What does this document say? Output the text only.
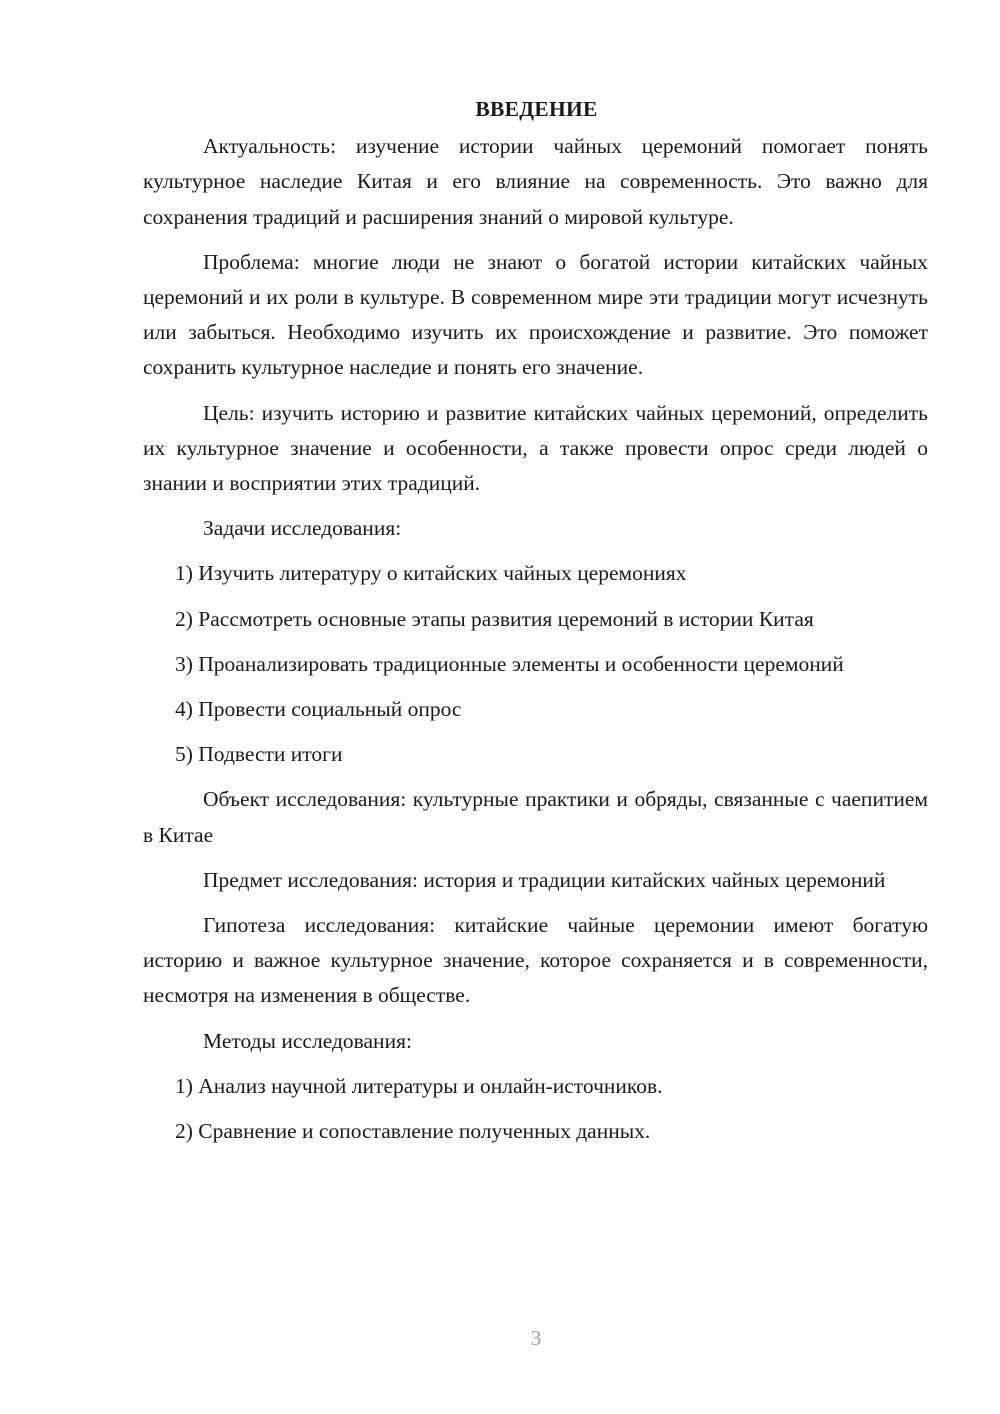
ВВЕДЕНИЕ

Актуальность: изучение истории чайных церемоний помогает понять культурное наследие Китая и его влияние на современность. Это важно для сохранения традиций и расширения знаний о мировой культуре.

Проблема: многие люди не знают о богатой истории китайских чайных церемоний и их роли в культуре. В современном мире эти традиции могут исчезнуть или забыться. Необходимо изучить их происхождение и развитие. Это поможет сохранить культурное наследие и понять его значение.

Цель: изучить историю и развитие китайских чайных церемоний, определить их культурное значение и особенности, а также провести опрос среди людей о знании и восприятии этих традиций.

Задачи исследования:

1) Изучить литературу о китайских чайных церемониях

2) Рассмотреть основные этапы развития церемоний в истории Китая

3) Проанализировать традиционные элементы и особенности церемоний

4) Провести социальный опрос

5) Подвести итоги

Объект исследования: культурные практики и обряды, связанные с чаепитием в Китае

Предмет исследования: история и традиции китайских чайных церемоний

Гипотеза исследования: китайские чайные церемонии имеют богатую историю и важное культурное значение, которое сохраняется и в современности, несмотря на изменения в обществе.

Методы исследования:

1) Анализ научной литературы и онлайн-источников.

2) Сравнение и сопоставление полученных данных.

3
